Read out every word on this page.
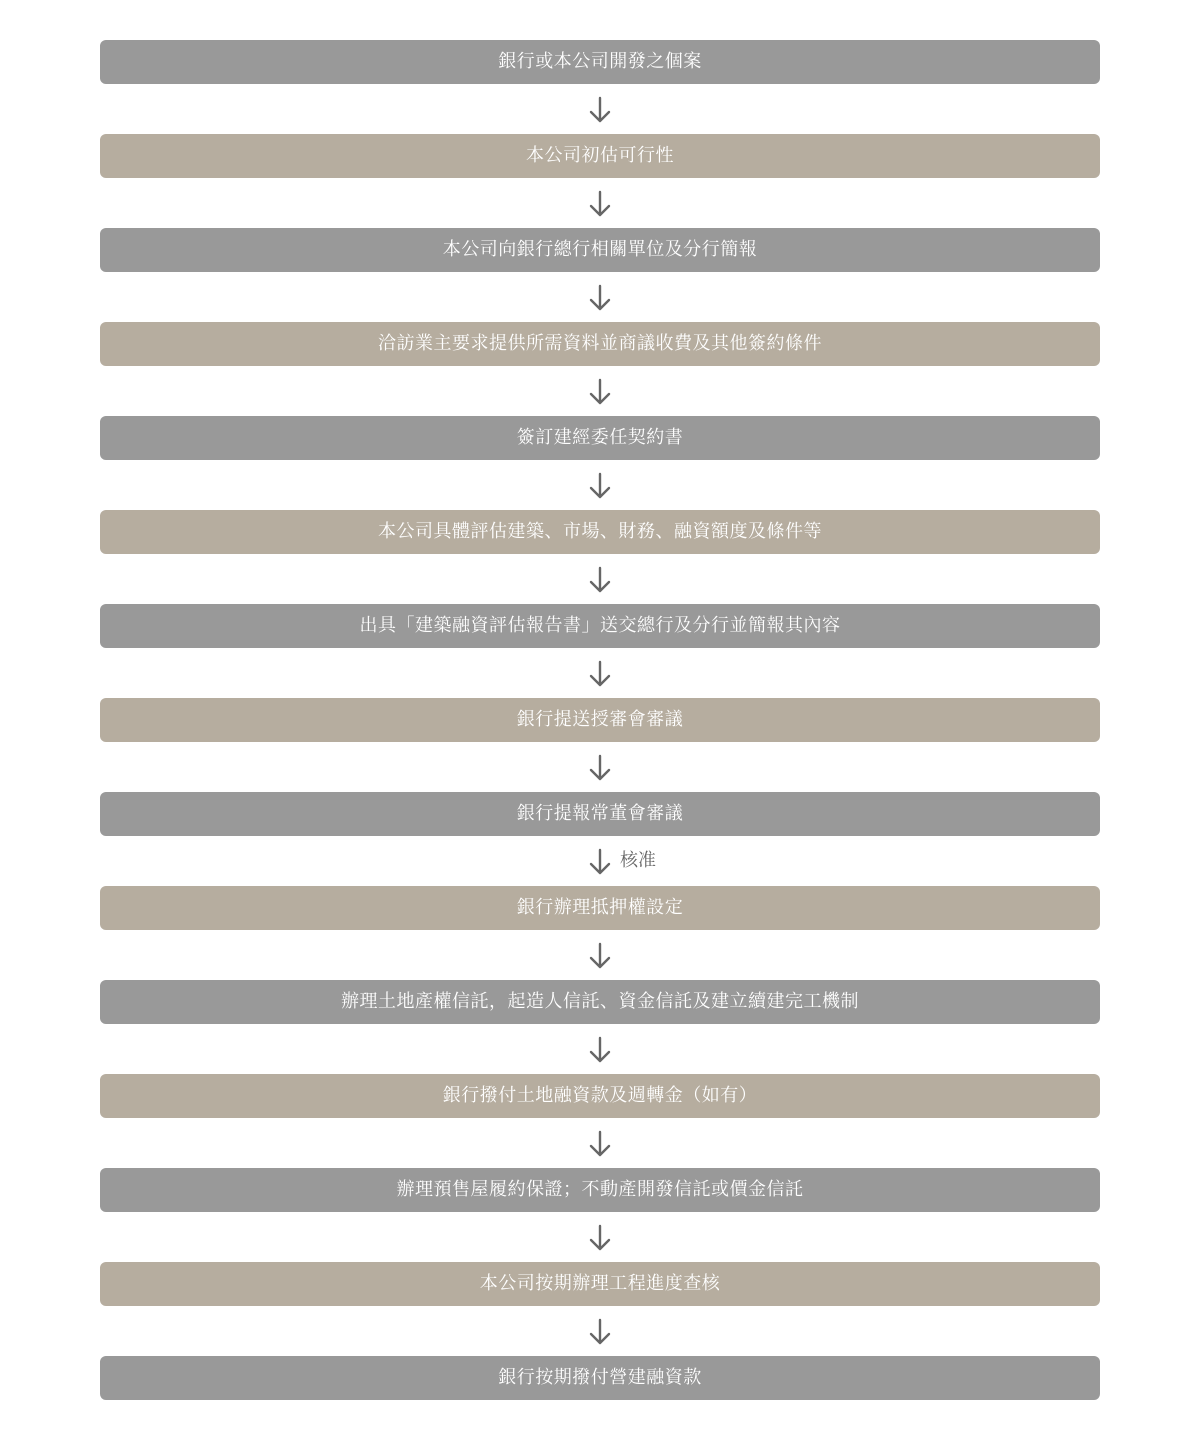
銀行或本公司開發之個案
本公司初估可行性
本公司向銀行總行相關單位及分行簡報
洽訪業主要求提供所需資料並商議收費及其他簽約條件
簽訂建經委任契約書
本公司具體評估建築、市場、財務、融資額度及條件等
出具「建築融資評估報告書」送交總行及分行並簡報其內容
銀行提送授審會審議
銀行提報常董會審議
核准
銀行辦理抵押權設定
辦理土地產權信託，起造人信託、資金信託及建立續建完工機制
銀行撥付土地融資款及週轉金（如有）
辦理預售屋履約保證；不動產開發信託或價金信託
本公司按期辦理工程進度查核
銀行按期撥付營建融資款
